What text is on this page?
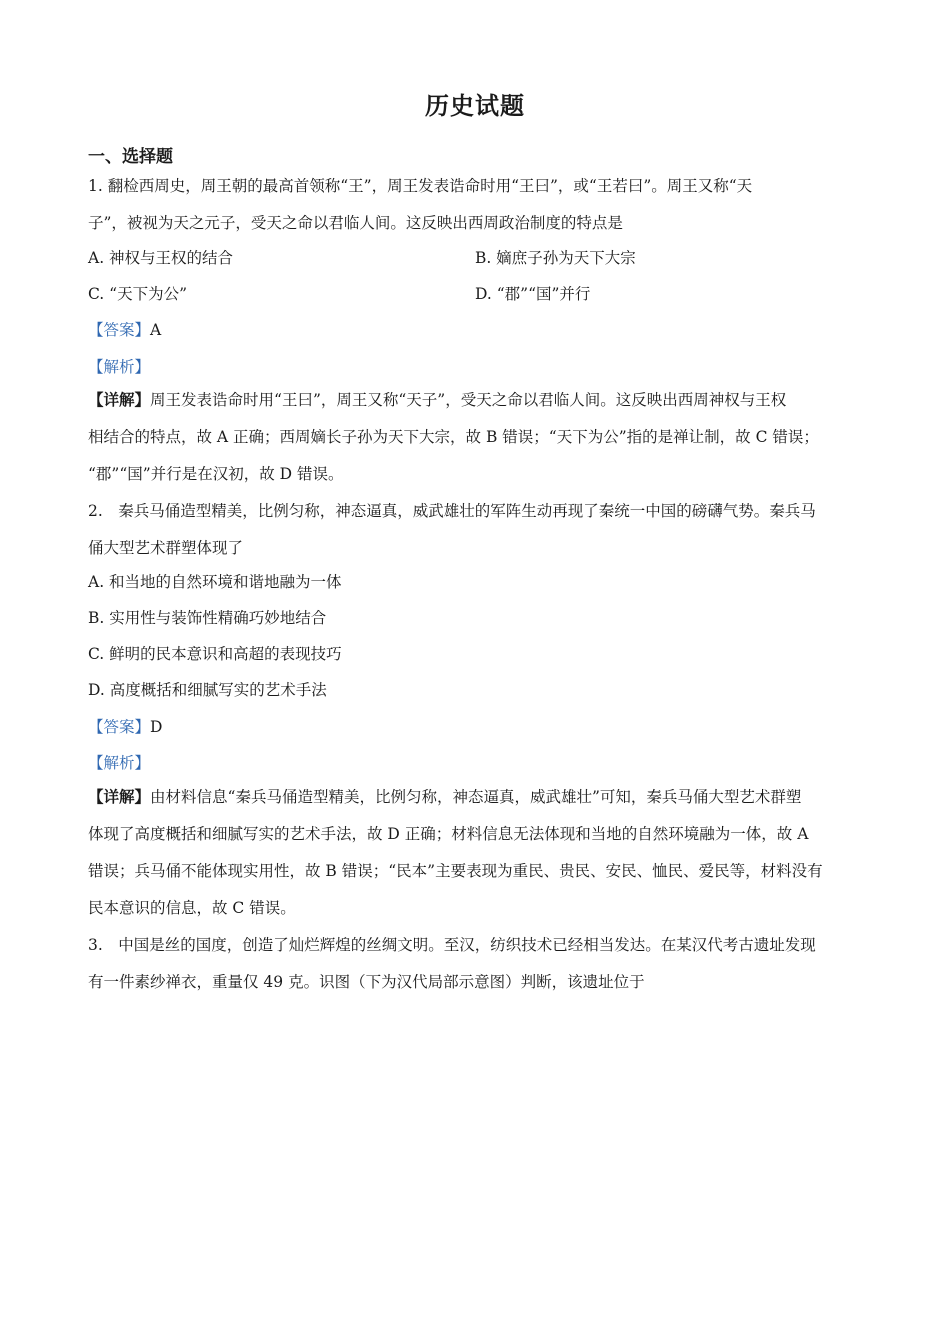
历史试题
一、选择题
1. 翻检西周史，周王朝的最高首领称“王”，周王发表诰命时用“王曰”，或“王若曰”。周王又称“天
子”，被视为天之元子，受天之命以君临人间。这反映出西周政治制度的特点是
A. 神权与王权的结合	B. 嫡庶子孙为天下大宗
C. “天下为公”	D. “郡”“国”并行
【答案】A
【解析】
【详解】周王发表诰命时用“王曰”，周王又称“天子”，受天之命以君临人间。这反映出西周神权与王权
相结合的特点，故 A 正确；西周嫡长子孙为天下大宗，故 B 错误；“天下为公”指的是禅让制，故 C 错误；
“郡”“国”并行是在汉初，故 D 错误。
2.　秦兵马俑造型精美，比例匀称，神态逼真，威武雄壮的军阵生动再现了秦统一中国的磅礴气势。秦兵马
俑大型艺术群塑体现了
A. 和当地的自然环境和谐地融为一体
B. 实用性与装饰性精确巧妙地结合
C. 鲜明的民本意识和高超的表现技巧
D. 高度概括和细腻写实的艺术手法
【答案】D
【解析】
【详解】由材料信息“秦兵马俑造型精美，比例匀称，神态逼真，威武雄壮”可知，秦兵马俑大型艺术群塑
体现了高度概括和细腻写实的艺术手法，故 D 正确；材料信息无法体现和当地的自然环境融为一体，故 A
错误；兵马俑不能体现实用性，故 B 错误；“民本”主要表现为重民、贵民、安民、恤民、爱民等，材料没有
民本意识的信息，故 C 错误。
3.　中国是丝的国度，创造了灿烂辉煌的丝绸文明。至汉，纺织技术已经相当发达。在某汉代考古遗址发现
有一件素纱禅衣，重量仅 49 克。识图（下为汉代局部示意图）判断，该遗址位于
